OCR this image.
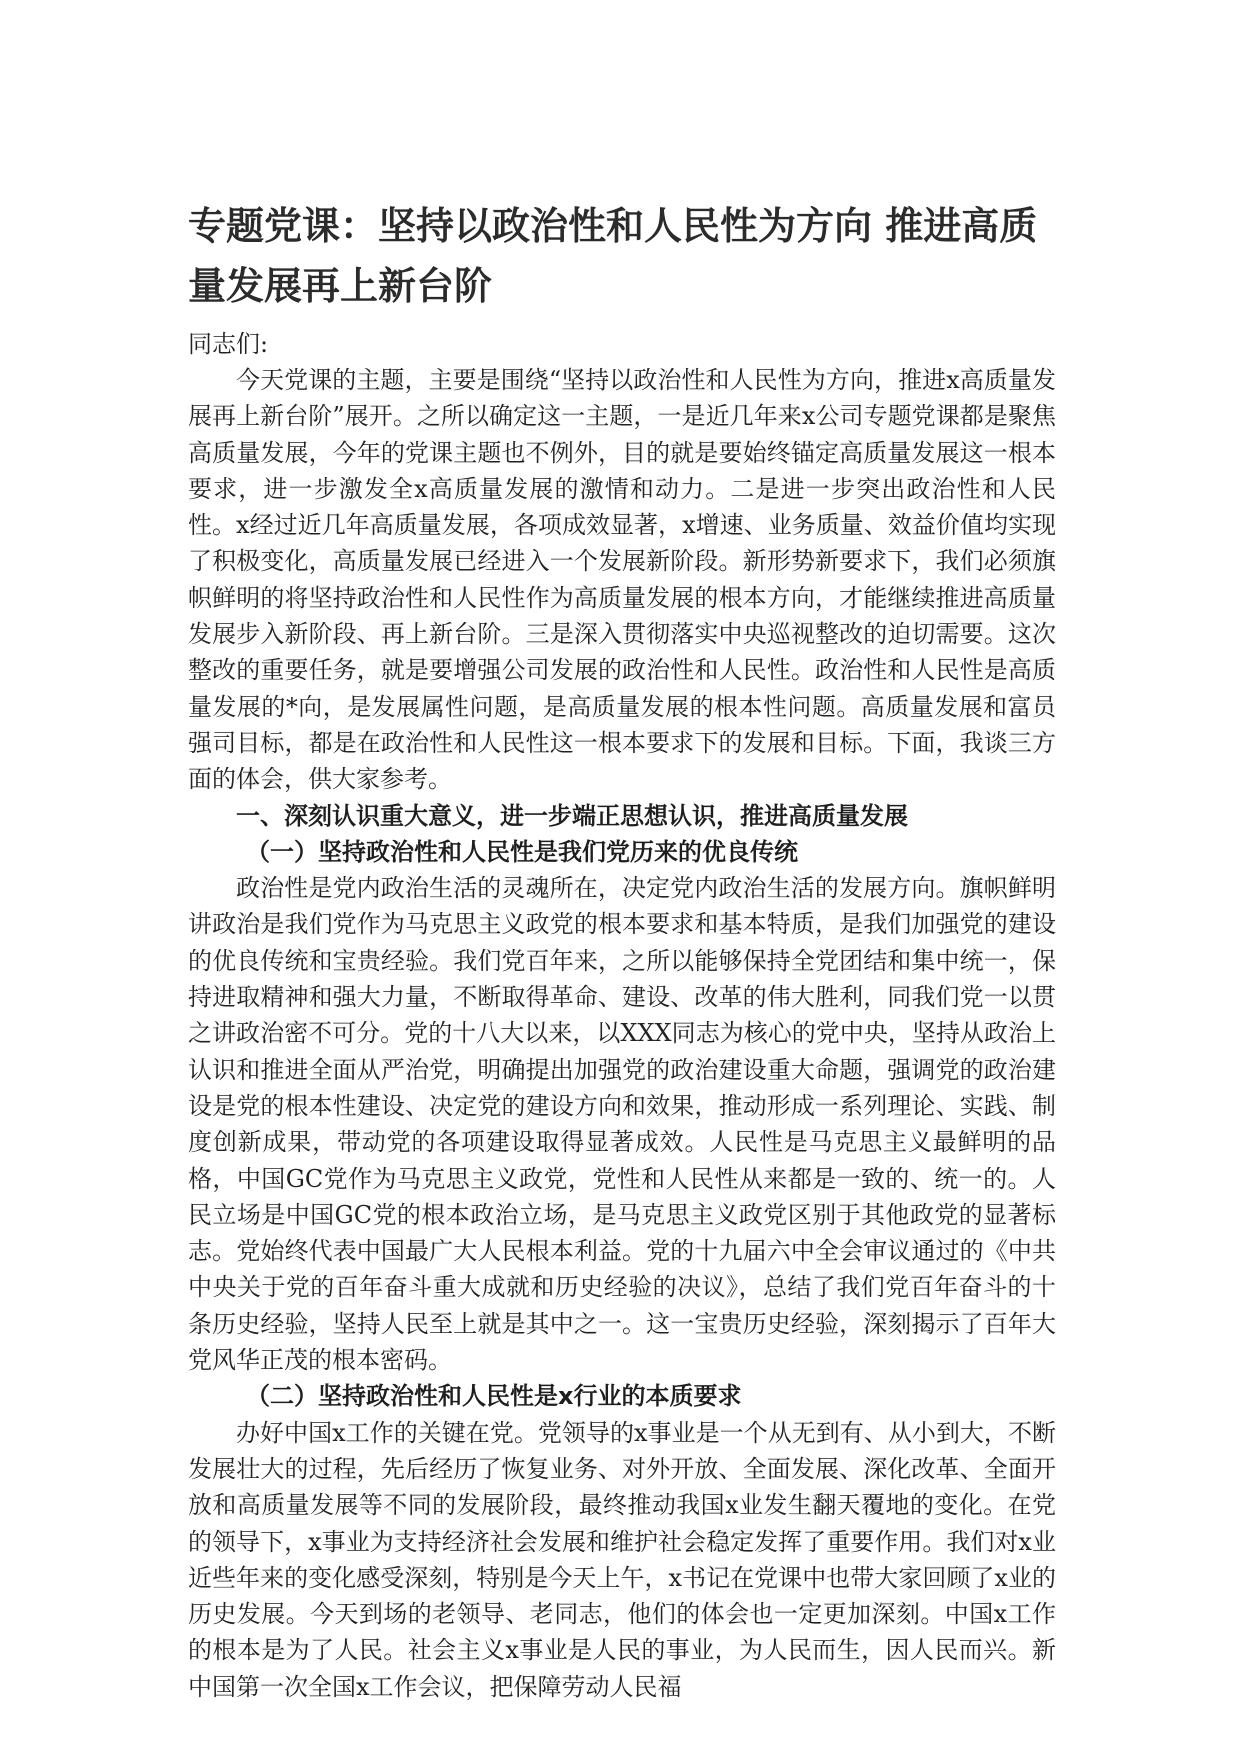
专题党课：坚持以政治性和人民性为方向 推进高质量发展再上新台阶

同志们:

今天党课的主题，主要是围绕“坚持以政治性和人民性为方向，推进x高质量发展再上新台阶”展开。之所以确定这一主题，一是近几年来x公司专题党课都是聚焦高质量发展，今年的党课主题也不例外，目的就是要始终锚定高质量发展这一根本要求，进一步激发全x高质量发展的激情和动力。二是进一步突出政治性和人民性。x经过近几年高质量发展，各项成效显著，x增速、业务质量、效益价值均实现了积极变化，高质量发展已经进入一个发展新阶段。新形势新要求下，我们必须旗帜鲜明的将坚持政治性和人民性作为高质量发展的根本方向，才能继续推进高质量发展步入新阶段、再上新台阶。三是深入贯彻落实中央巡视整改的迫切需要。这次整改的重要任务，就是要增强公司发展的政治性和人民性。政治性和人民性是高质量发展的*向，是发展属性问题，是高质量发展的根本性问题。高质量发展和富员强司目标，都是在政治性和人民性这一根本要求下的发展和目标。下面，我谈三方面的体会，供大家参考。

一、深刻认识重大意义，进一步端正思想认识，推进高质量发展

（一）坚持政治性和人民性是我们党历来的优良传统

政治性是党内政治生活的灵魂所在，决定党内政治生活的发展方向。旗帜鲜明讲政治是我们党作为马克思主义政党的根本要求和基本特质，是我们加强党的建设的优良传统和宝贵经验。我们党百年来，之所以能够保持全党团结和集中统一，保持进取精神和强大力量，不断取得革命、建设、改革的伟大胜利，同我们党一以贯之讲政治密不可分。党的十八大以来，以XXX同志为核心的党中央，坚持从政治上认识和推进全面从严治党，明确提出加强党的政治建设重大命题，强调党的政治建设是党的根本性建设、决定党的建设方向和效果，推动形成一系列理论、实践、制度创新成果，带动党的各项建设取得显著成效。人民性是马克思主义最鲜明的品格，中国GC党作为马克思主义政党，党性和人民性从来都是一致的、统一的。人民立场是中国GC党的根本政治立场，是马克思主义政党区别于其他政党的显著标志。党始终代表中国最广大人民根本利益。党的十九届六中全会审议通过的《中共中央关于党的百年奋斗重大成就和历史经验的决议》，总结了我们党百年奋斗的十条历史经验，坚持人民至上就是其中之一。这一宝贵历史经验，深刻揭示了百年大党风华正茂的根本密码。

（二）坚持政治性和人民性是x行业的本质要求

办好中国x工作的关键在党。党领导的x事业是一个从无到有、从小到大，不断发展壮大的过程，先后经历了恢复业务、对外开放、全面发展、深化改革、全面开放和高质量发展等不同的发展阶段，最终推动我国x业发生翻天覆地的变化。在党的领导下，x事业为支持经济社会发展和维护社会稳定发挥了重要作用。我们对x业近些年来的变化感受深刻，特别是今天上午，x书记在党课中也带大家回顾了x业的历史发展。今天到场的老领导、老同志，他们的体会也一定更加深刻。中国x工作的根本是为了人民。社会主义x事业是人民的事业，为人民而生，因人民而兴。新中国第一次全国x工作会议，把保障劳动人民福
